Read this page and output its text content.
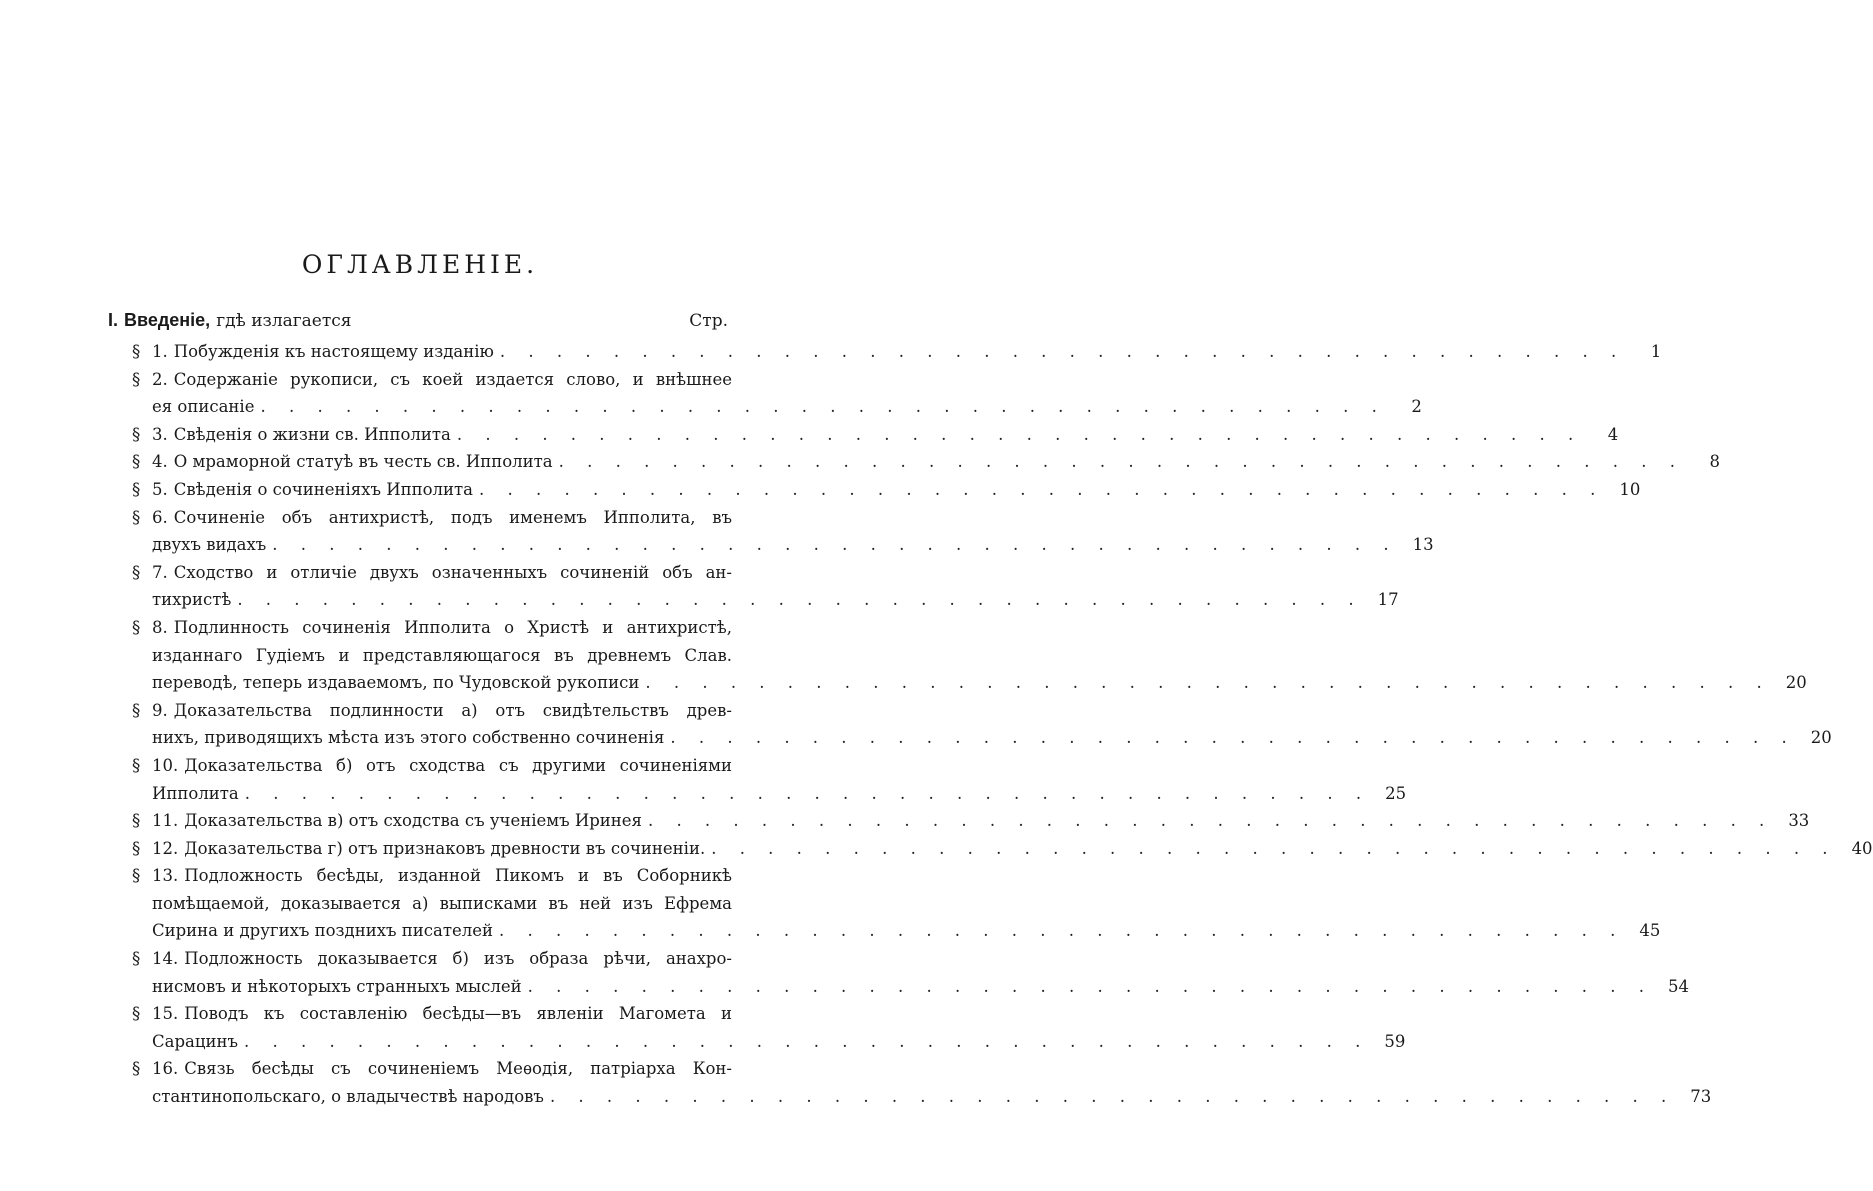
ОГЛАВЛЕНІЕ.
I. Введеніе, гдѣ излагается	Стр.
§ 1. Побужденія къ настоящему изданію . . . . . . . . . . . . . . . . . . . . . . . . . . . . . . . . . . . . . . . .	1
§ 2. Содержаніе рукописи, съ коей издается слово, и внѣшнее
ея описаніе . . . . . . . . . . . . . . . . . . . . . . . . . . . . . . . . . . . . . . . .	2
§ 3. Свѣденія о жизни св. Ипполита . . . . . . . . . . . . . . . . . . . . . . . . . . . . . . . . . . . . . . . .	4
§ 4. О мраморной статуѣ въ честь св. Ипполита . . . . . . . . . . . . . . . . . . . . . . . . . . . . . . . . . . . . . . . .	8
§ 5. Свѣденія о сочиненіяхъ Ипполита . . . . . . . . . . . . . . . . . . . . . . . . . . . . . . . . . . . . . . . . 10
§ 6. Сочиненіе объ антихристѣ, подъ именемъ Ипполита, въ
двухъ видахъ . . . . . . . . . . . . . . . . . . . . . . . . . . . . . . . . . . . . . . . . 13
§ 7. Сходство и отличіе двухъ означенныхъ сочиненій объ ан-
тихристѣ . . . . . . . . . . . . . . . . . . . . . . . . . . . . . . . . . . . . . . . . 17
§ 8. Подлинность сочиненія Ипполита о Христѣ и антихристѣ,
изданнаго Гудіемъ и представляющагося въ древнемъ Слав.
переводѣ, теперь издаваемомъ, по Чудовской рукописи . . . . . . . . . . . . . . . . . . . . . . . . . . . . . . . . . . . . . . . . 20
§ 9. Доказательства подлинности а) отъ свидѣтельствъ древ-
нихъ, приводящихъ мѣста изъ этого собственно сочиненія . . . . . . . . . . . . . . . . . . . . . . . . . . . . . . . . . . . . . . . . 20
§ 10. Доказательства б) отъ сходства съ другими сочиненіями
Ипполита . . . . . . . . . . . . . . . . . . . . . . . . . . . . . . . . . . . . . . . . 25
§ 11. Доказательства в) отъ сходства съ ученіемъ Иринея . . . . . . . . . . . . . . . . . . . . . . . . . . . . . . . . . . . . . . . . 33
§ 12. Доказательства г) отъ признаковъ древности въ сочиненіи. . . . . . . . . . . . . . . . . . . . . . . . . . . . . . . . . . . . . . . . . 40
§ 13. Подложность бесѣды, изданной Пикомъ и въ Соборникѣ
помѣщаемой, доказывается а) выписками въ ней изъ Ефрема
Сирина и другихъ позднихъ писателей . . . . . . . . . . . . . . . . . . . . . . . . . . . . . . . . . . . . . . . . 45
§ 14. Подложность доказывается б) изъ образа рѣчи, анахро-
нисмовъ и нѣкоторыхъ странныхъ мыслей . . . . . . . . . . . . . . . . . . . . . . . . . . . . . . . . . . . . . . . . 54
§ 15. Поводъ къ составленію бесѣды—въ явленіи Магомета и
Сарацинъ . . . . . . . . . . . . . . . . . . . . . . . . . . . . . . . . . . . . . . . . 59
§ 16. Связь бесѣды съ сочиненіемъ Меѳодія, патріарха Кон-
стантинопольскаго, о владычествѣ народовъ . . . . . . . . . . . . . . . . . . . . . . . . . . . . . . . . . . . . . . . . 73
